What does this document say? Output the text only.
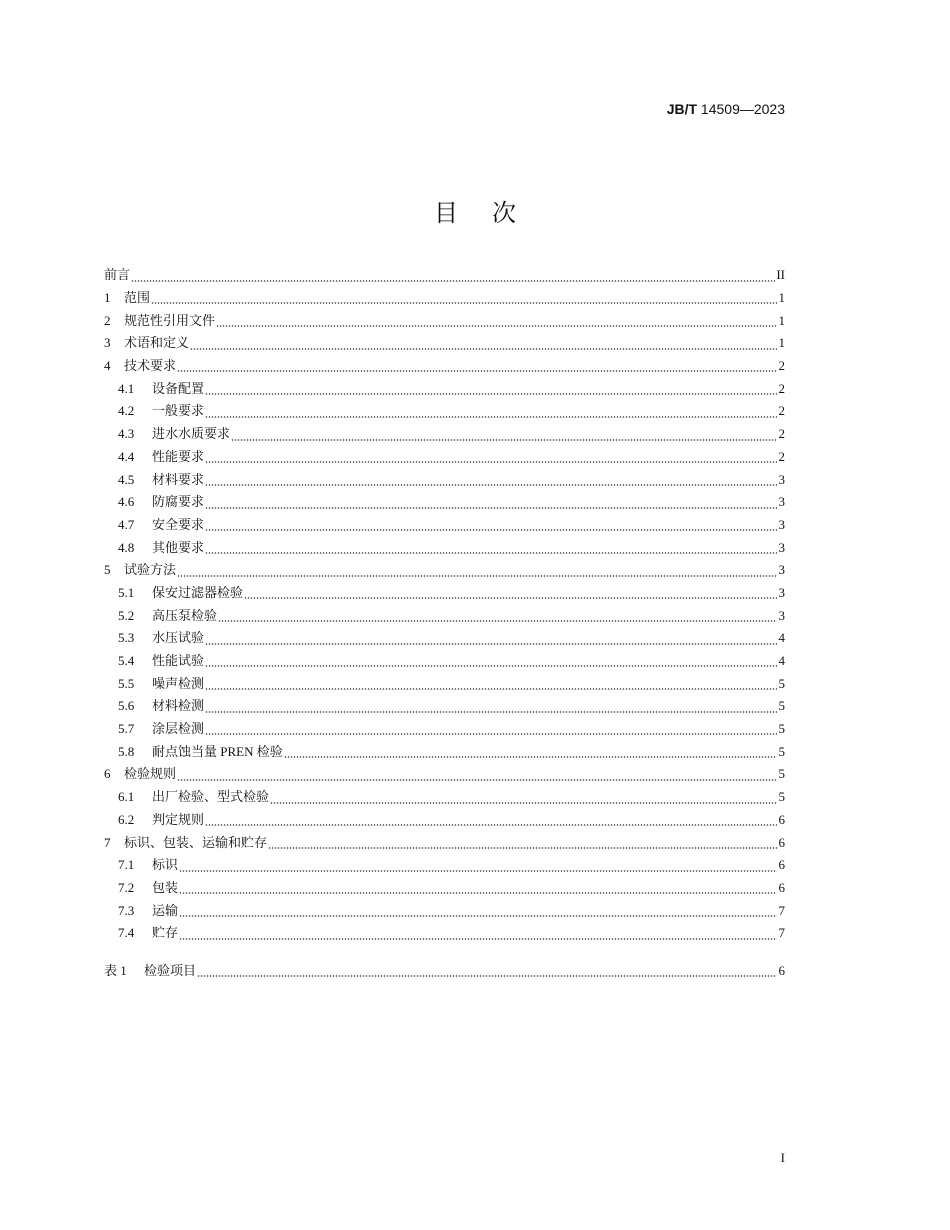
JB/T 14509—2023
目次
前言	II
1	范围	1
2	规范性引用文件	1
3	术语和定义	1
4	技术要求	2
4.1	设备配置	2
4.2	一般要求	2
4.3	进水水质要求	2
4.4	性能要求	2
4.5	材料要求	3
4.6	防腐要求	3
4.7	安全要求	3
4.8	其他要求	3
5	试验方法	3
5.1	保安过滤器检验	3
5.2	高压泵检验	3
5.3	水压试验	4
5.4	性能试验	4
5.5	噪声检测	5
5.6	材料检测	5
5.7	涂层检测	5
5.8	耐点蚀当量 PREN 检验	5
6	检验规则	5
6.1	出厂检验、型式检验	5
6.2	判定规则	6
7	标识、包装、运输和贮存	6
7.1	标识	6
7.2	包装	6
7.3	运输	7
7.4	贮存	7
表 1	检验项目	6
I
